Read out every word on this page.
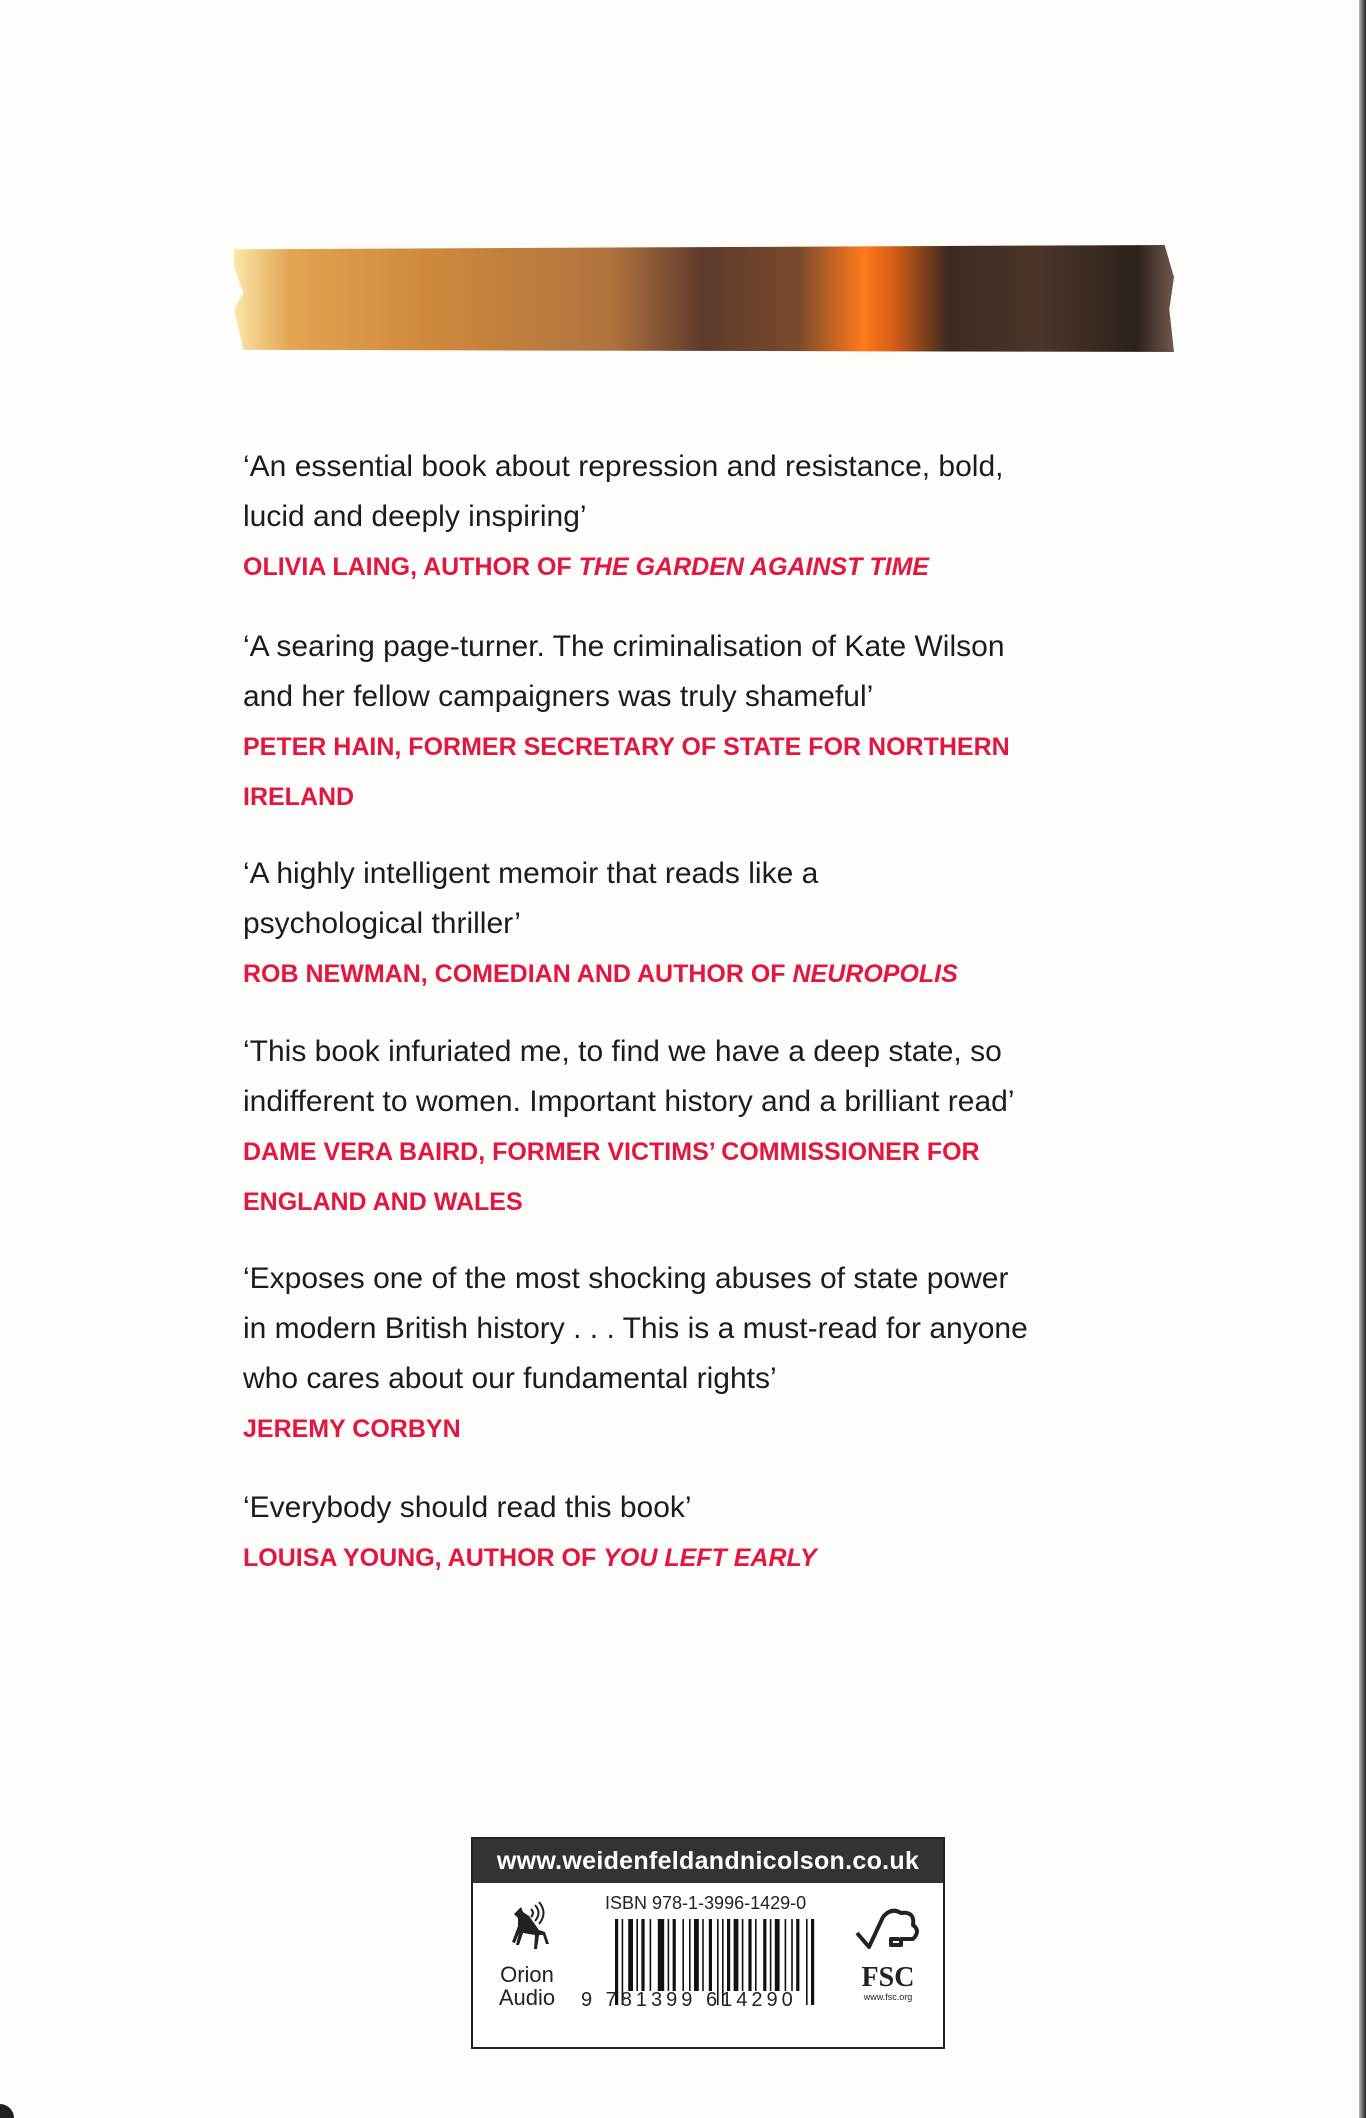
‘An essential book about repression and resistance, bold,
lucid and deeply inspiring’
OLIVIA LAING, AUTHOR OF THE GARDEN AGAINST TIME
‘A searing page-turner. The criminalisation of Kate Wilson
and her fellow campaigners was truly shameful’
PETER HAIN, FORMER SECRETARY OF STATE FOR NORTHERN
IRELAND
‘A highly intelligent memoir that reads like a
psychological thriller’
ROB NEWMAN, COMEDIAN AND AUTHOR OF NEUROPOLIS
‘This book infuriated me, to find we have a deep state, so
indifferent to women. Important history and a brilliant read’
DAME VERA BAIRD, FORMER VICTIMS’ COMMISSIONER FOR
ENGLAND AND WALES
‘Exposes one of the most shocking abuses of state power
in modern British history . . . This is a must-read for anyone
who cares about our fundamental rights’
JEREMY CORBYN
‘Everybody should read this book’
LOUISA YOUNG, AUTHOR OF YOU LEFT EARLY
www.weidenfeldandnicolson.co.uk
Orion
Audio
ISBN 978-1-3996-1429-0
9 781399 614290
FSC
www.fsc.org
